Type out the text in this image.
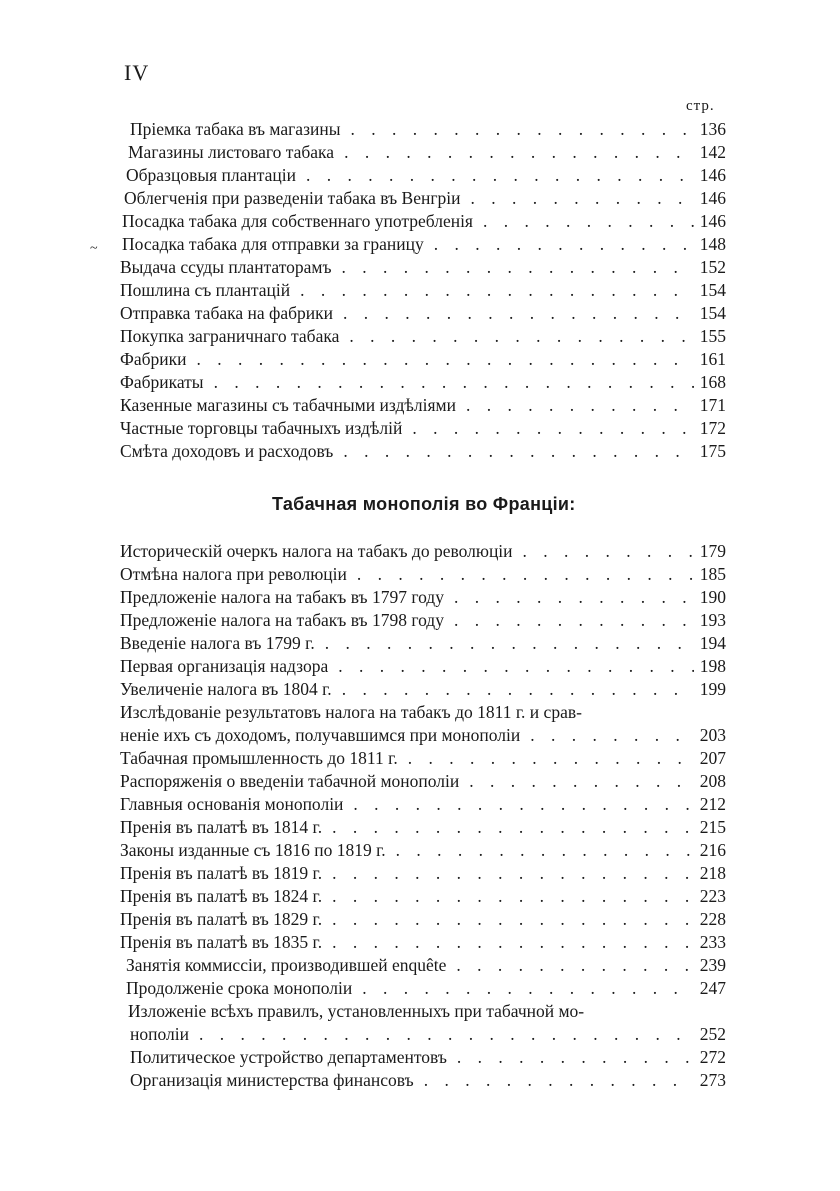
IV
стр.
~
Пріемка табака въ магазины . . .	136
Магазины листоваго табака . . .	142
Образцовыя плантаціи . . .	146
Облегченія при разведеніи табака въ Венгріи . . .	146
Посадка табака для собственнаго употребленія . . .	146
Посадка табака для отправки за границу . . .	148
Выдача ссуды плантаторамъ . . .	152
Пошлина съ плантацій . . .	154
Отправка табака на фабрики . . .	154
Покупка заграничнаго табака . . .	155
Фабрики . . .	161
Фабрикаты . . .	168
Казенные магазины съ табачными издѣліями . . .	171
Частные торговцы табачныхъ издѣлій . . .	172
Смѣта доходовъ и расходовъ . . .	175
Табачная монополія во Франціи:
Историческій очеркъ налога на табакъ до революціи . . .	179
Отмѣна налога при революціи . . .	185
Предложеніе налога на табакъ въ 1797 году . . .	190
Предложеніе налога на табакъ въ 1798 году . . .	193
Введеніе налога въ 1799 г. . . .	194
Первая организація надзора . . .	198
Увеличеніе налога въ 1804 г. . . .	199
Изслѣдованіе результатовъ налога на табакъ до 1811 г. и срав-
неніе ихъ съ доходомъ, получавшимся при монополіи . . .	203
Табачная промышленность до 1811 г. . . .	207
Распоряженія о введеніи табачной монополіи . . .	208
Главныя основанія монополіи . . .	212
Пренія въ палатѣ въ 1814 г. . . .	215
Законы изданные съ 1816 по 1819 г. . . .	216
Пренія въ палатѣ въ 1819 г. . . .	218
Пренія въ палатѣ въ 1824 г. . . .	223
Пренія въ палатѣ въ 1829 г. . . .	228
Пренія въ палатѣ въ 1835 г. . . .	233
Занятія коммиссіи, производившей enquête . . .	239
Продолженіе срока монополіи . . .	247
Изложеніе всѣхъ правилъ, установленныхъ при табачной мо-
нополіи . . .	252
Политическое устройство департаментовъ . . .	272
Организація министерства финансовъ . . .	273
